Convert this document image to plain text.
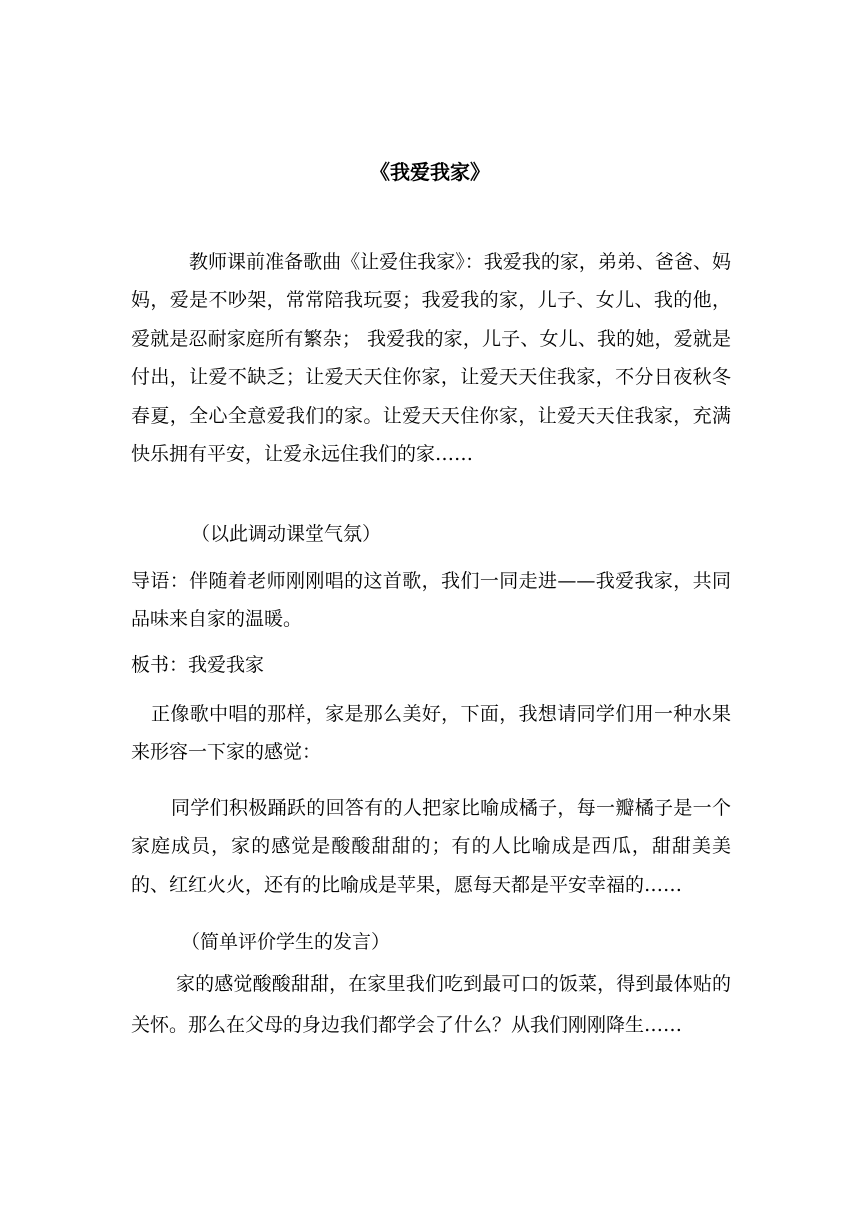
《我爱我家》
教师课前准备歌曲《让爱住我家》：我爱我的家，弟弟、爸爸、妈妈，爱是不吵架，常常陪我玩耍；我爱我的家，儿子、女儿、我的他，爱就是忍耐家庭所有繁杂； 我爱我的家，儿子、女儿、我的她，爱就是付出，让爱不缺乏；让爱天天住你家，让爱天天住我家，不分日夜秋冬春夏，全心全意爱我们的家。让爱天天住你家，让爱天天住我家，充满快乐拥有平安，让爱永远住我们的家……
（以此调动课堂气氛）
导语：伴随着老师刚刚唱的这首歌，我们一同走进——我爱我家，共同品味来自家的温暖。
板书：我爱我家
正像歌中唱的那样，家是那么美好，下面，我想请同学们用一种水果来形容一下家的感觉：
同学们积极踊跃的回答有的人把家比喻成橘子，每一瓣橘子是一个家庭成员，家的感觉是酸酸甜甜的；有的人比喻成是西瓜，甜甜美美的、红红火火，还有的比喻成是苹果，愿每天都是平安幸福的……
（简单评价学生的发言）
家的感觉酸酸甜甜，在家里我们吃到最可口的饭菜，得到最体贴的关怀。那么在父母的身边我们都学会了什么？从我们刚刚降生……
